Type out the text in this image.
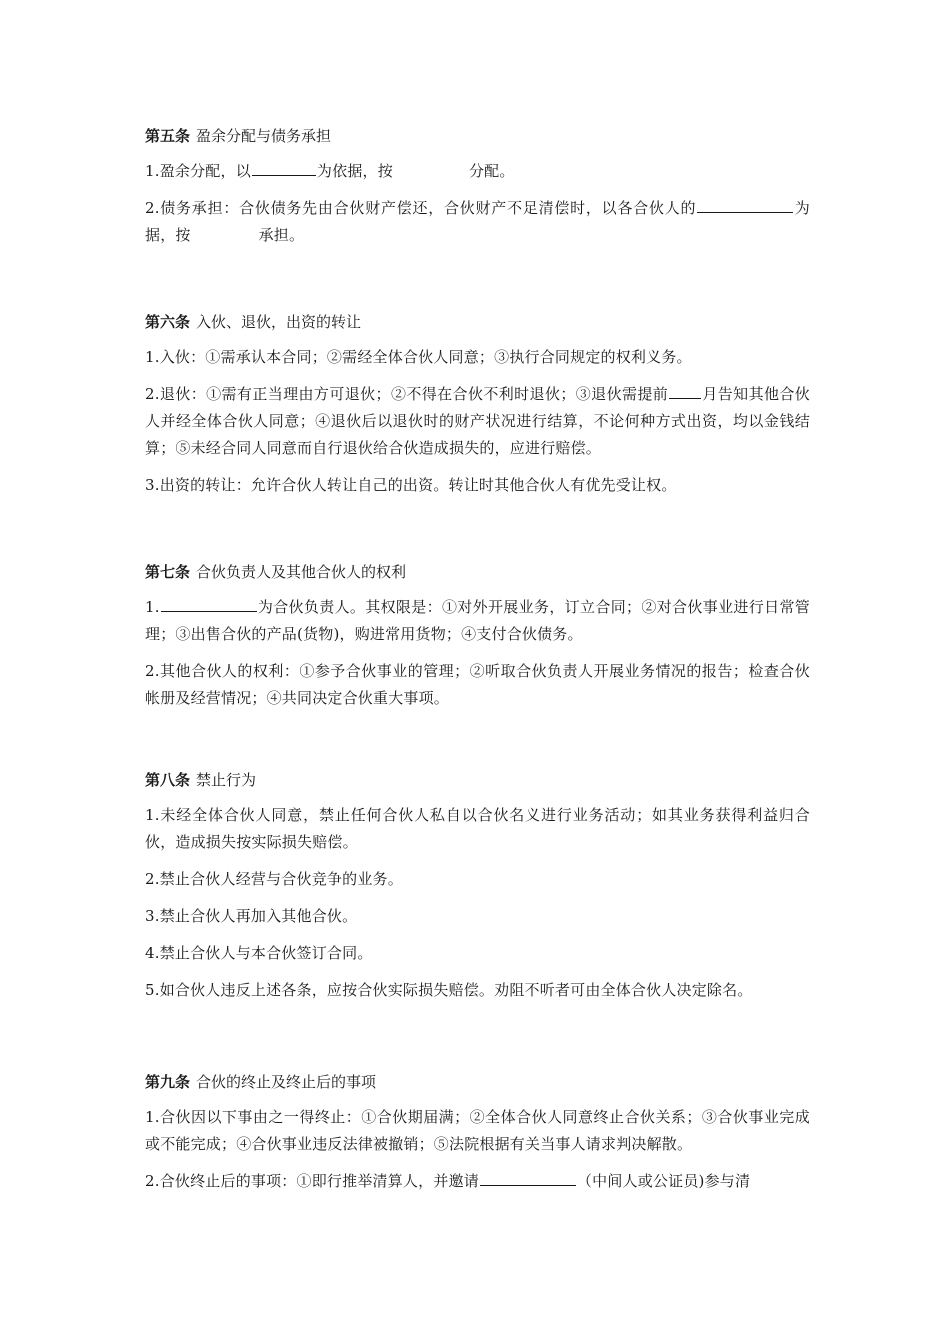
第五条 盈余分配与债务承担

1.盈余分配，以	为依据，按	分配。

2.债务承担：合伙债务先由合伙财产偿还，合伙财产不足清偿时，以各合伙人的	为据，按	承担。

第六条 入伙、退伙，出资的转让

1.入伙：①需承认本合同；②需经全体合伙人同意；③执行合同规定的权利义务。

2.退伙：①需有正当理由方可退伙；②不得在合伙不利时退伙；③退伙需提前 月告知其他合伙人并经全体合伙人同意；④退伙后以退伙时的财产状况进行结算，不论何种方式出资，均以金钱结算；⑤未经合同人同意而自行退伙给合伙造成损失的，应进行赔偿。

3.出资的转让：允许合伙人转让自己的出资。转让时其他合伙人有优先受让权。

第七条 合伙负责人及其他合伙人的权利

1.	为合伙负责人。其权限是：①对外开展业务，订立合同；②对合伙事业进行日常管理；③出售合伙的产品(货物)，购进常用货物；④支付合伙债务。

2.其他合伙人的权利：①参予合伙事业的管理；②听取合伙负责人开展业务情况的报告；检查合伙帐册及经营情况；④共同决定合伙重大事项。

第八条 禁止行为

1.未经全体合伙人同意，禁止任何合伙人私自以合伙名义进行业务活动；如其业务获得利益归合伙，造成损失按实际损失赔偿。

2.禁止合伙人经营与合伙竞争的业务。

3.禁止合伙人再加入其他合伙。

4.禁止合伙人与本合伙签订合同。

5.如合伙人违反上述各条，应按合伙实际损失赔偿。劝阻不听者可由全体合伙人决定除名。

第九条 合伙的终止及终止后的事项

1.合伙因以下事由之一得终止：①合伙期届满；②全体合伙人同意终止合伙关系；③合伙事业完成或不能完成；④合伙事业违反法律被撤销；⑤法院根据有关当事人请求判决解散。

2.合伙终止后的事项：①即行推举清算人，并邀请	（中间人或公证员)参与清
